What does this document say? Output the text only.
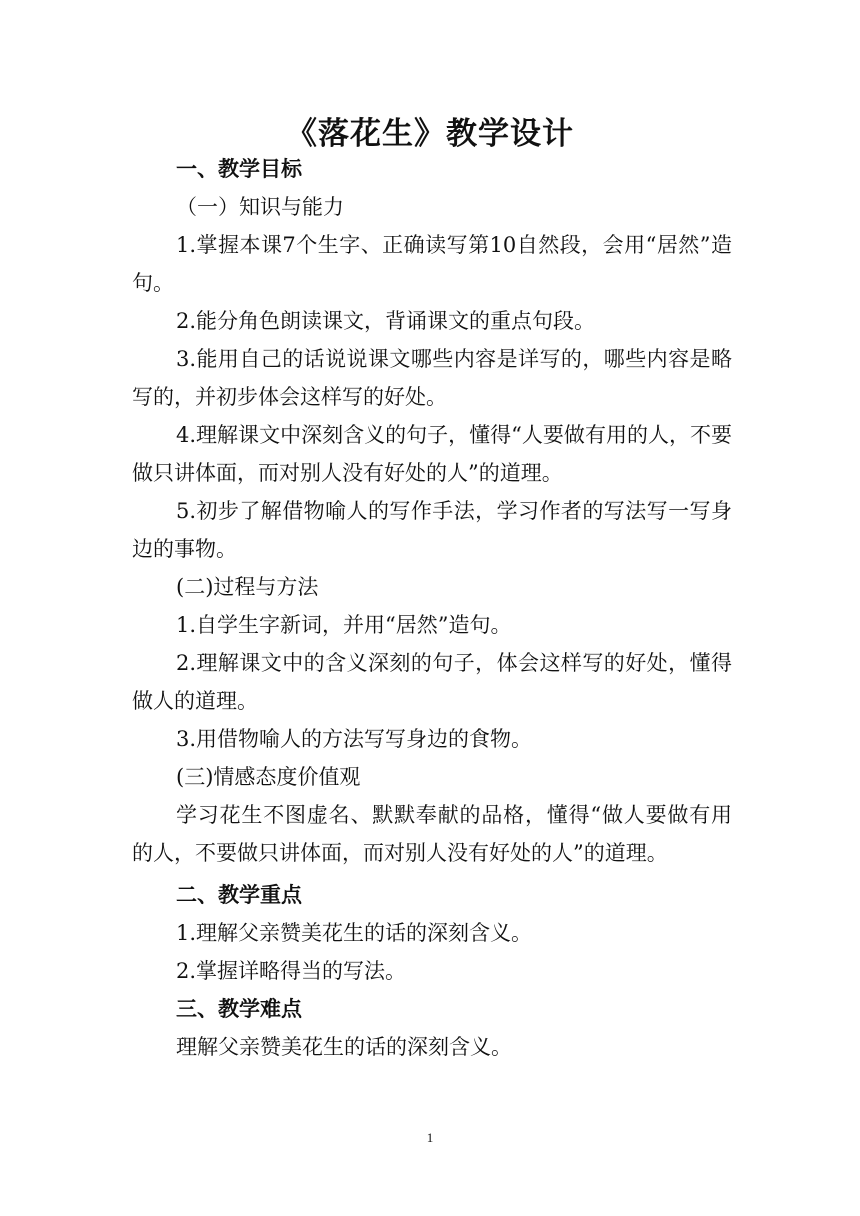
《落花生》教学设计

一、教学目标

（一）知识与能力

1.掌握本课7个生字、正确读写第10自然段，会用“居然”造句。

2.能分角色朗读课文，背诵课文的重点句段。

3.能用自己的话说说课文哪些内容是详写的，哪些内容是略写的，并初步体会这样写的好处。

4.理解课文中深刻含义的句子，懂得“人要做有用的人，不要做只讲体面，而对别人没有好处的人”的道理。

5.初步了解借物喻人的写作手法，学习作者的写法写一写身边的事物。

(二)过程与方法

1.自学生字新词，并用“居然”造句。

2.理解课文中的含义深刻的句子，体会这样写的好处，懂得做人的道理。

3.用借物喻人的方法写写身边的食物。

(三)情感态度价值观

学习花生不图虚名、默默奉献的品格，懂得“做人要做有用的人，不要做只讲体面，而对别人没有好处的人”的道理。

二、教学重点

1.理解父亲赞美花生的话的深刻含义。

2.掌握详略得当的写法。

三、教学难点

理解父亲赞美花生的话的深刻含义。

1
